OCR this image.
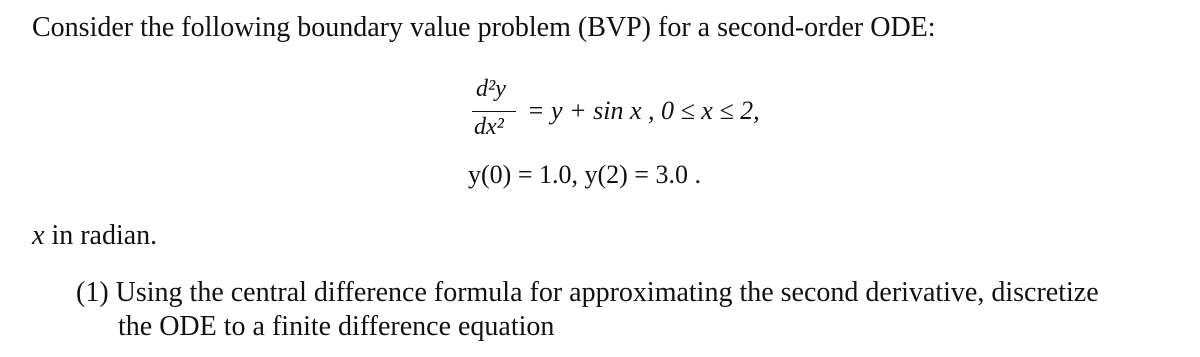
Consider the following boundary value problem (BVP) for a second-order ODE:
d²y
dx²
= y + sin x , 0 ≤ x ≤ 2,
y(0) = 1.0, y(2) = 3.0 .
x in radian.
(1) Using the central difference formula for approximating the second derivative, discretize
the ODE to a finite difference equation
